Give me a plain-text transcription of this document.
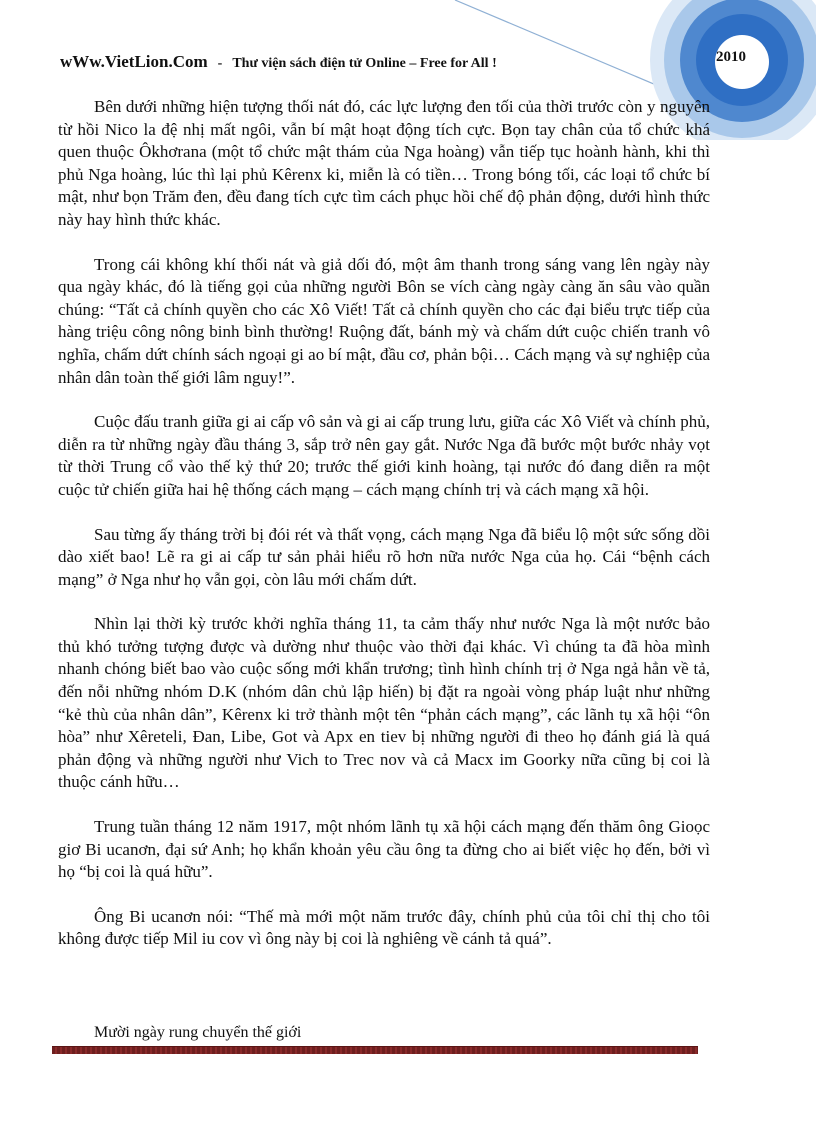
wWw.VietLion.Com - Thư viện sách điện tử Online – Free for All !	2010

Bên dưới những hiện tượng thối nát đó, các lực lượng đen tối của thời trước còn y nguyên từ hồi Nico la đệ nhị mất ngôi, vẫn bí mật hoạt động tích cực. Bọn tay chân của tổ chức khá quen thuộc Ôkhơrana (một tổ chức mật thám của Nga hoàng) vẫn tiếp tục hoành hành, khi thì phủ Nga hoàng, lúc thì lại phủ Kêrenx ki, miễn là có tiền… Trong bóng tối, các loại tổ chức bí mật, như bọn Trăm đen, đều đang tích cực tìm cách phục hồi chế độ phản động, dưới hình thức này hay hình thức khác.

Trong cái không khí thối nát và giả dối đó, một âm thanh trong sáng vang lên ngày này qua ngày khác, đó là tiếng gọi của những người Bôn se vích càng ngày càng ăn sâu vào quần chúng: “Tất cả chính quyền cho các Xô Viết! Tất cả chính quyền cho các đại biểu trực tiếp của hàng triệu công nông binh bình thường! Ruộng đất, bánh mỳ và chấm dứt cuộc chiến tranh vô nghĩa, chấm dứt chính sách ngoại gi ao bí mật, đầu cơ, phản bội… Cách mạng và sự nghiệp của nhân dân toàn thế giới lâm nguy!”.

Cuộc đấu tranh giữa gi ai cấp vô sản và gi ai cấp trung lưu, giữa các Xô Viết và chính phủ, diễn ra từ những ngày đầu tháng 3, sắp trở nên gay gắt. Nước Nga đã bước một bước nhảy vọt từ thời Trung cổ vào thế kỷ thứ 20; trước thế giới kinh hoàng, tại nước đó đang diễn ra một cuộc tử chiến giữa hai hệ thống cách mạng – cách mạng chính trị và cách mạng xã hội.

Sau từng ấy tháng trời bị đói rét và thất vọng, cách mạng Nga đã biểu lộ một sức sống dồi dào xiết bao! Lẽ ra gi ai cấp tư sản phải hiểu rõ hơn nữa nước Nga của họ. Cái “bệnh cách mạng” ở Nga như họ vẫn gọi, còn lâu mới chấm dứt.

Nhìn lại thời kỳ trước khởi nghĩa tháng 11, ta cảm thấy như nước Nga là một nước bảo thủ khó tưởng tượng được và dường như thuộc vào thời đại khác. Vì chúng ta đã hòa mình nhanh chóng biết bao vào cuộc sống mới khẩn trương; tình hình chính trị ở Nga ngả hẳn về tả, đến nỗi những nhóm D.K (nhóm dân chủ lập hiến) bị đặt ra ngoài vòng pháp luật như những “kẻ thù của nhân dân”, Kêrenx ki trở thành một tên “phản cách mạng”, các lãnh tụ xã hội “ôn hòa” như Xêreteli, Đan, Libe, Got và Apx en tiev bị những người đi theo họ đánh giá là quá phản động và những người như Vich to Trec nov và cả Macx im Goorky nữa cũng bị coi là thuộc cánh hữu…

Trung tuần tháng 12 năm 1917, một nhóm lãnh tụ xã hội cách mạng đến thăm ông Gioọc giơ Bi ucanơn, đại sứ Anh; họ khẩn khoản yêu cầu ông ta đừng cho ai biết việc họ đến, bởi vì họ “bị coi là quá hữu”.

Ông Bi ucanơn nói: “Thế mà mới một năm trước đây, chính phủ của tôi chỉ thị cho tôi không được tiếp Mil iu cov vì ông này bị coi là nghiêng về cánh tả quá”.

Mười ngày rung chuyển thế giới
